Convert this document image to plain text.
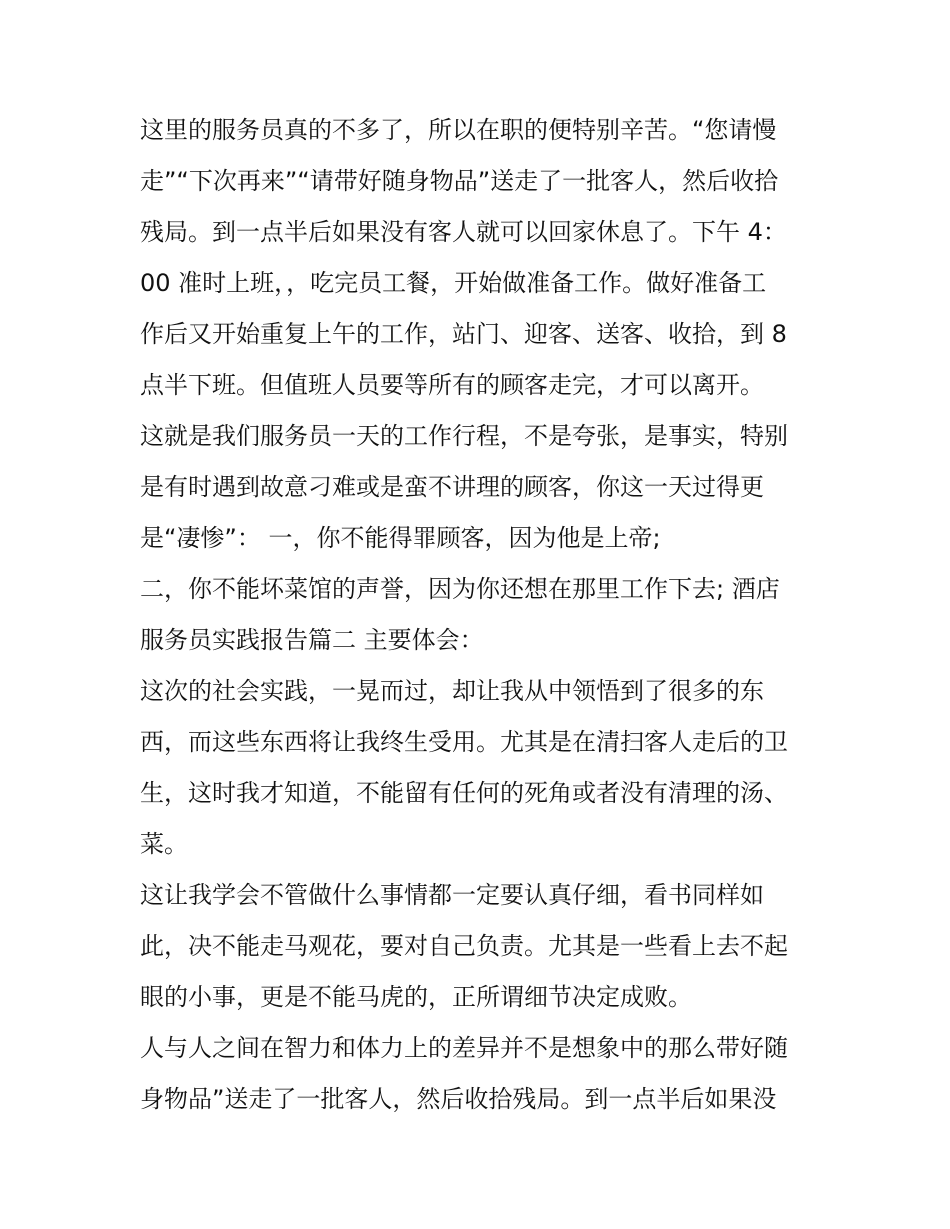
这里的服务员真的不多了，所以在职的便特别辛苦。“您请慢
走”“下次再来”“请带好随身物品”送走了一批客人，然后收拾
残局。到一点半后如果没有客人就可以回家休息了。下午 4：
00 准时上班，，吃完员工餐，开始做准备工作。做好准备工
作后又开始重复上午的工作，站门、迎客、送客、收拾，到 8
点半下班。但值班人员要等所有的顾客走完，才可以离开。
这就是我们服务员一天的工作行程，不是夸张，是事实，特别
是有时遇到故意刁难或是蛮不讲理的顾客，你这一天过得更
是“凄惨”： 一，你不能得罪顾客，因为他是上帝;
二，你不能坏菜馆的声誉，因为你还想在那里工作下去; 酒店
服务员实践报告篇二 主要体会：
这次的社会实践，一晃而过，却让我从中领悟到了很多的东
西，而这些东西将让我终生受用。尤其是在清扫客人走后的卫
生，这时我才知道，不能留有任何的死角或者没有清理的汤、
菜。
这让我学会不管做什么事情都一定要认真仔细，看书同样如
此，决不能走马观花，要对自己负责。尤其是一些看上去不起
眼的小事，更是不能马虎的，正所谓细节决定成败。
人与人之间在智力和体力上的差异并不是想象中的那么带好随
身物品”送走了一批客人，然后收拾残局。到一点半后如果没
